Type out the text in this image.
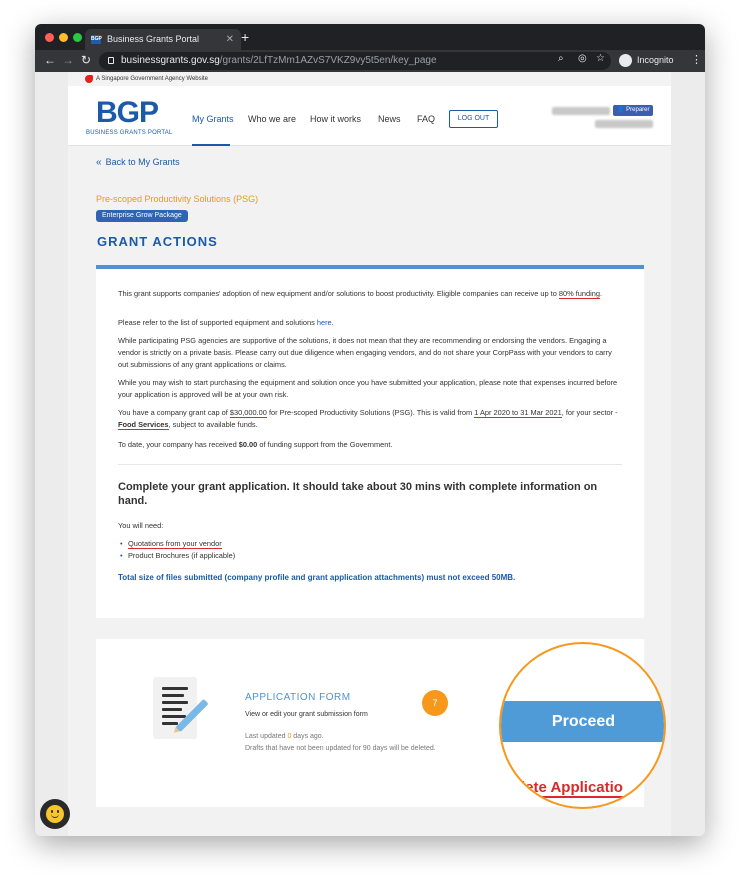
BGP Business Grants Portal	✕ +
← → ↻	businessgrants.gov.sg/grants/2LfTzMm1AZvS7VKZ9vy5t5en/key_page	⌕ ◎ ☆	Incognito ⋮
A Singapore Government Agency Website
BGP
BUSINESS GRANTS PORTAL
My Grants Who we are How it works News FAQ	LOG OUT
👤 Preparer
« Back to My Grants
Pre-scoped Productivity Solutions (PSG)
Enterprise Grow Package
GRANT ACTIONS

This grant supports companies' adoption of new equipment and/or solutions to boost productivity. Eligible companies can receive up to 80% funding.

Please refer to the list of supported equipment and solutions here.

While participating PSG agencies are supportive of the solutions, it does not mean that they are recommending or endorsing the vendors. Engaging a vendor is strictly on a private basis. Please carry out due diligence when engaging vendors, and do not share your CorpPass with your vendors to carry out submissions of any grant applications or claims.

While you may wish to start purchasing the equipment and solution once you have submitted your application, please note that expenses incurred before your application is approved will be at your own risk.

You have a company grant cap of $30,000.00 for Pre-scoped Productivity Solutions (PSG). This is valid from 1 Apr 2020 to 31 Mar 2021, for your sector - Food Services, subject to available funds.

To date, your company has received $0.00 of funding support from the Government.

Complete your grant application. It should take about 30 mins with complete information on hand.

You will need:

• Quotations from your vendor
• Product Brochures (if applicable)
Total size of files submitted (company profile and grant application attachments) must not exceed 50MB.
APPLICATION FORM
View or edit your grant submission form
Last updated 0 days ago.
Drafts that have not been updated for 90 days will be deleted.
7
Proceed
lete Applicatio
